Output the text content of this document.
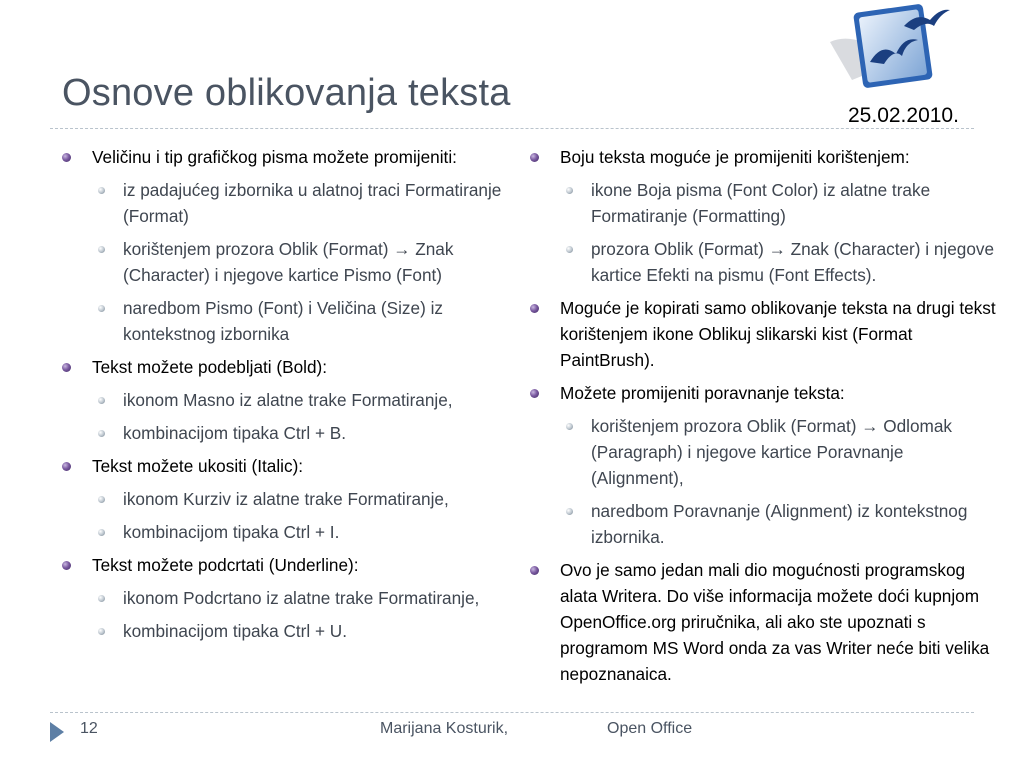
Osnove oblikovanja teksta
25.02.2010.
Veličinu i tip grafičkog pisma možete promijeniti:
iz padajućeg izbornika u alatnoj traci Formatiranje (Format)
korištenjem prozora Oblik (Format) → Znak (Character) i njegove kartice Pismo (Font)
naredbom Pismo (Font) i Veličina (Size) iz kontekstnog izbornika
Tekst možete podebljati (Bold):
ikonom Masno iz alatne trake Formatiranje,
kombinacijom tipaka Ctrl + B.
Tekst možete ukositi (Italic):
ikonom Kurziv iz alatne trake Formatiranje,
kombinacijom tipaka Ctrl + I.
Tekst možete podcrtati (Underline):
ikonom Podcrtano iz alatne trake Formatiranje,
kombinacijom tipaka Ctrl + U.
Boju teksta moguće je promijeniti korištenjem:
ikone Boja pisma (Font Color) iz alatne trake Formatiranje (Formatting)
prozora Oblik (Format) → Znak (Character) i njegove kartice Efekti na pismu (Font Effects).
Moguće je kopirati samo oblikovanje teksta na drugi tekst korištenjem ikone Oblikuj slikarski kist (Format PaintBrush).
Možete promijeniti poravnanje teksta:
korištenjem prozora Oblik (Format) → Odlomak (Paragraph) i njegove kartice Poravnanje (Alignment),
naredbom Poravnanje (Alignment) iz kontekstnog izbornika.
Ovo je samo jedan mali dio mogućnosti programskog alata Writera. Do više informacija možete doći kupnjom OpenOffice.org priručnika, ali ako ste upoznati s programom MS Word onda za vas Writer neće biti velika nepoznanaica.
12	Marijana Kosturik,	Open Office
